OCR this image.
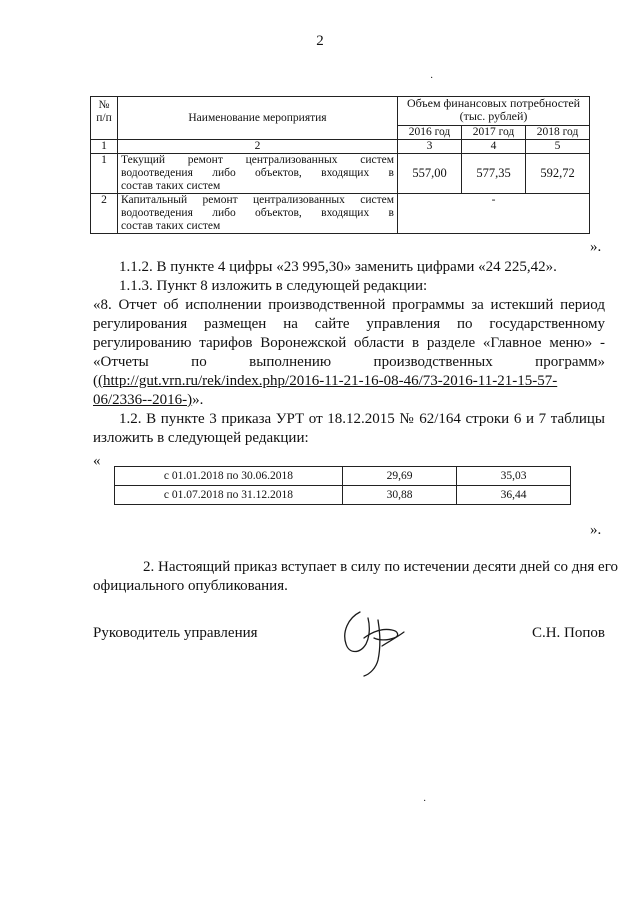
2
·
№ п/п	Наименование мероприятия	Объем финансовых потребностей (тыс. рублей)		
		2016 год	2017 год	2018 год
1	2	3	4	5
1	Текущий ремонт централизованных систем
водоотведения либо объектов, входящих в
состав таких систем	557,00	577,35	592,72
2	Капитальный ремонт централизованных систем
водоотведения либо объектов, входящих в
состав таких систем	-		
».
1.1.2. В пункте 4 цифры «23 995,30» заменить цифрами «24 225,42».
1.1.3. Пункт 8 изложить в следующей редакции:
«8. Отчет об исполнении производственной программы за истекший период
регулирования размещен на сайте управления по государственному
регулированию тарифов Воронежской области в разделе «Главное меню» -
«Отчеты по выполнению производственных программ»
((http://gut.vrn.ru/rek/index.php/2016-11-21-16-08-46/73-2016-11-21-15-57-
06/2336--2016-)».
1.2. В пункте 3 приказа УРТ от 18.12.2015 № 62/164 строки 6 и 7 таблицы
изложить в следующей редакции:
«
с 01.01.2018 по 30.06.2018	29,69	35,03
с 01.07.2018 по 31.12.2018	30,88	36,44
».
2. Настоящий приказ вступает в силу по истечении десяти дней со дня его
официального опубликования.
Руководитель управления	С.Н. Попов
·
